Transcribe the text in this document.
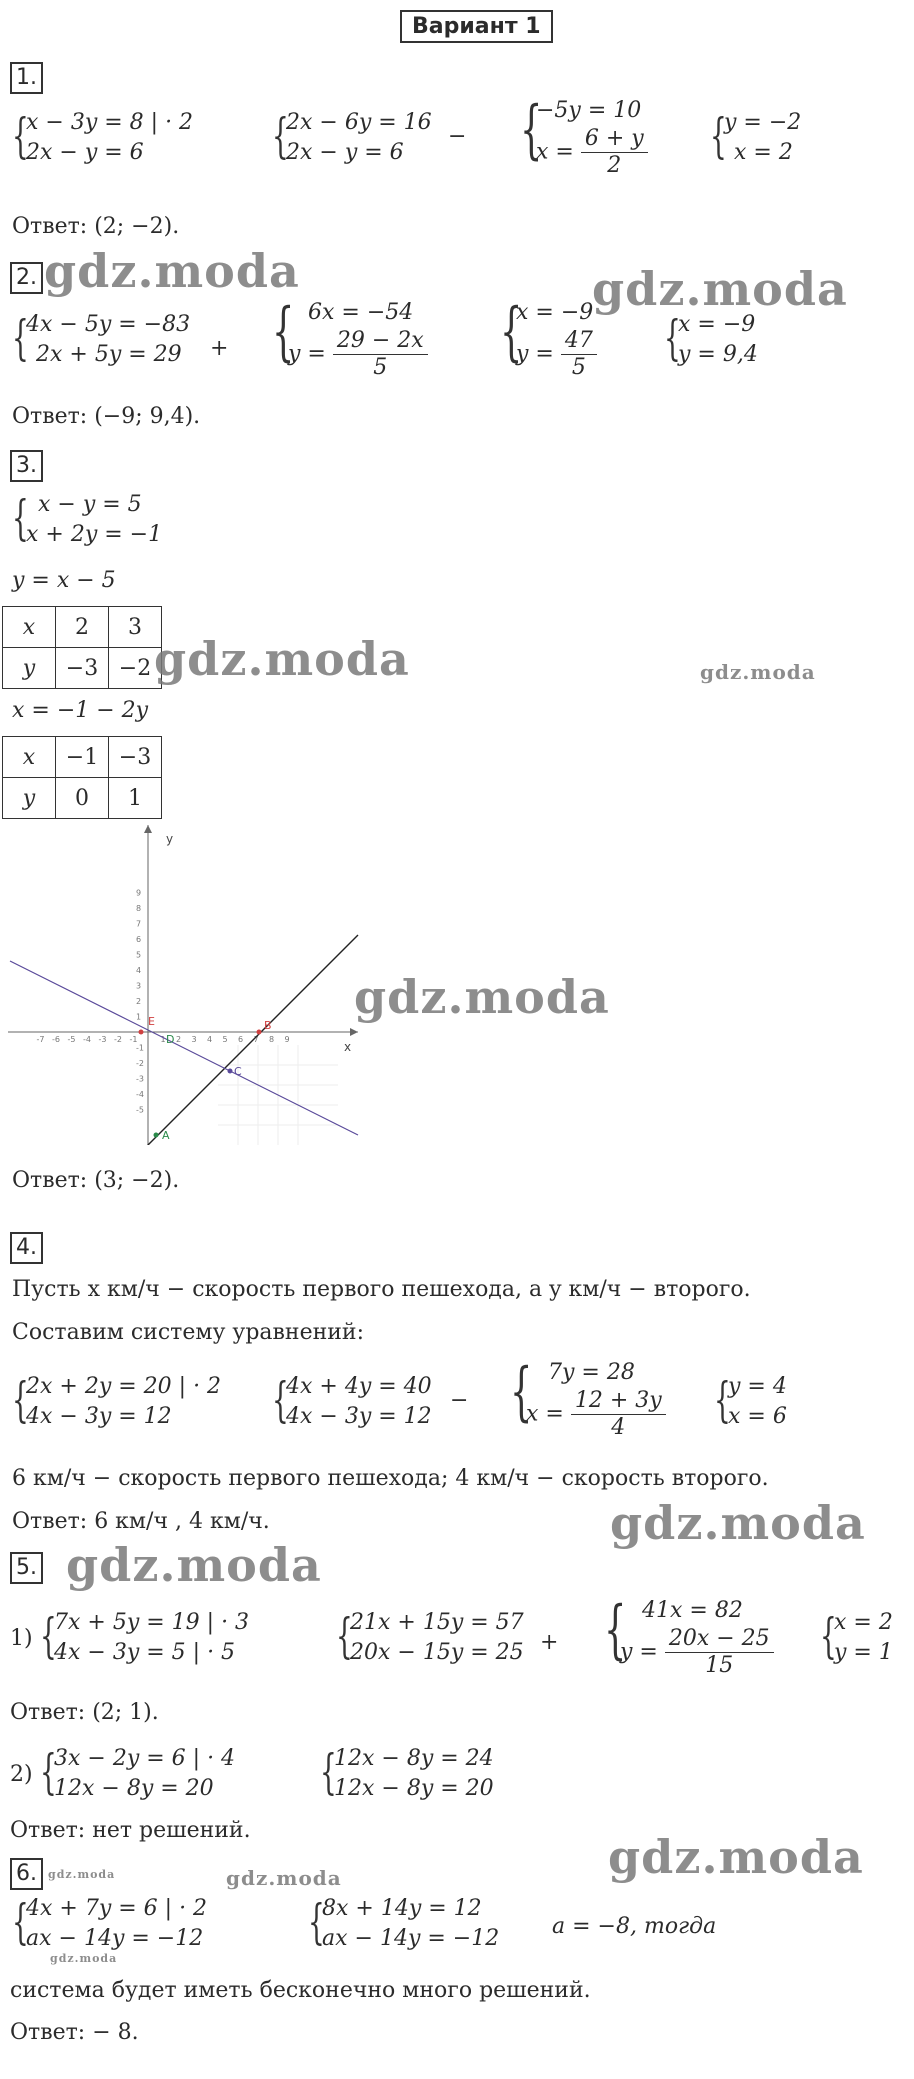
Вариант 1
1.
{
x − 3y = 8 | · 2
2x − y = 6	{
2x − 6y = 16
2x − y = 6
− {
−5y = 10
$x = \frac{6 + y}{2}$ {
y = −2
x = 2
Ответ: (2; −2).
2. gdz.moda	gdz.moda
{
4x − 5y = −83
2x + 5y = 29	+ { 6x = −54
$y = \frac{29 - 2x}{5}$ {
x = −9
$y = \frac{47}{5}$ {
x = −9
y = 9,4
Ответ: (−9; 9,4).
3.
{ x − y = 5
x + 2y = −1
y = x − 5
x	2	3
y	−3	−2 gdz.moda	gdz.moda
x = −1 − 2y
x	−1	−3
y	0	1
x
y
-7 -6 -5 -4 -3 -2 -1	1 2 3 4 5 6 7 8 9
9
8
7
6
5
4
3
2
1
-1
-2
-3
-4
-5
E
D
B
C
A
gdz.moda
Ответ: (3; −2).
4.
Пусть x км/ч − скорость первого пешехода, а y км/ч − второго.
Составим систему уравнений:
{
2x + 2y = 20 | · 2
4x − 3y = 12	{
4x + 4y = 40
4x − 3y = 12
− { 7y = 28
$x = \frac{12 + 3y}{4}$ {
y = 4
x = 6
6 км/ч − скорость первого пешехода; 4 км/ч − скорость второго.
Ответ: 6 км/ч , 4 км/ч.	gdz.moda
5. gdz.moda
1) {
7x + 5y = 19 | · 3
4x − 3y = 5 | · 5 {
21x + 15y = 57
20x − 15y = 25 + { 41x = 82
$y = \frac{20x - 25}{15}$ {
x = 2
y = 1
Ответ: (2; 1).
2) {
3x − 2y = 6 | · 4
12x − 8y = 20	{
12x − 8y = 24
12x − 8y = 20
Ответ: нет решений.
6.	gdz.moda	gdz.moda	gdz.moda
{
4x + 7y = 6 | · 2
ax − 14y = −12
gdz.moda
{
8x + 14y = 12
ax − 14y = −12 a = −8, тогда
система будет иметь бесконечно много решений.
Ответ: − 8.
